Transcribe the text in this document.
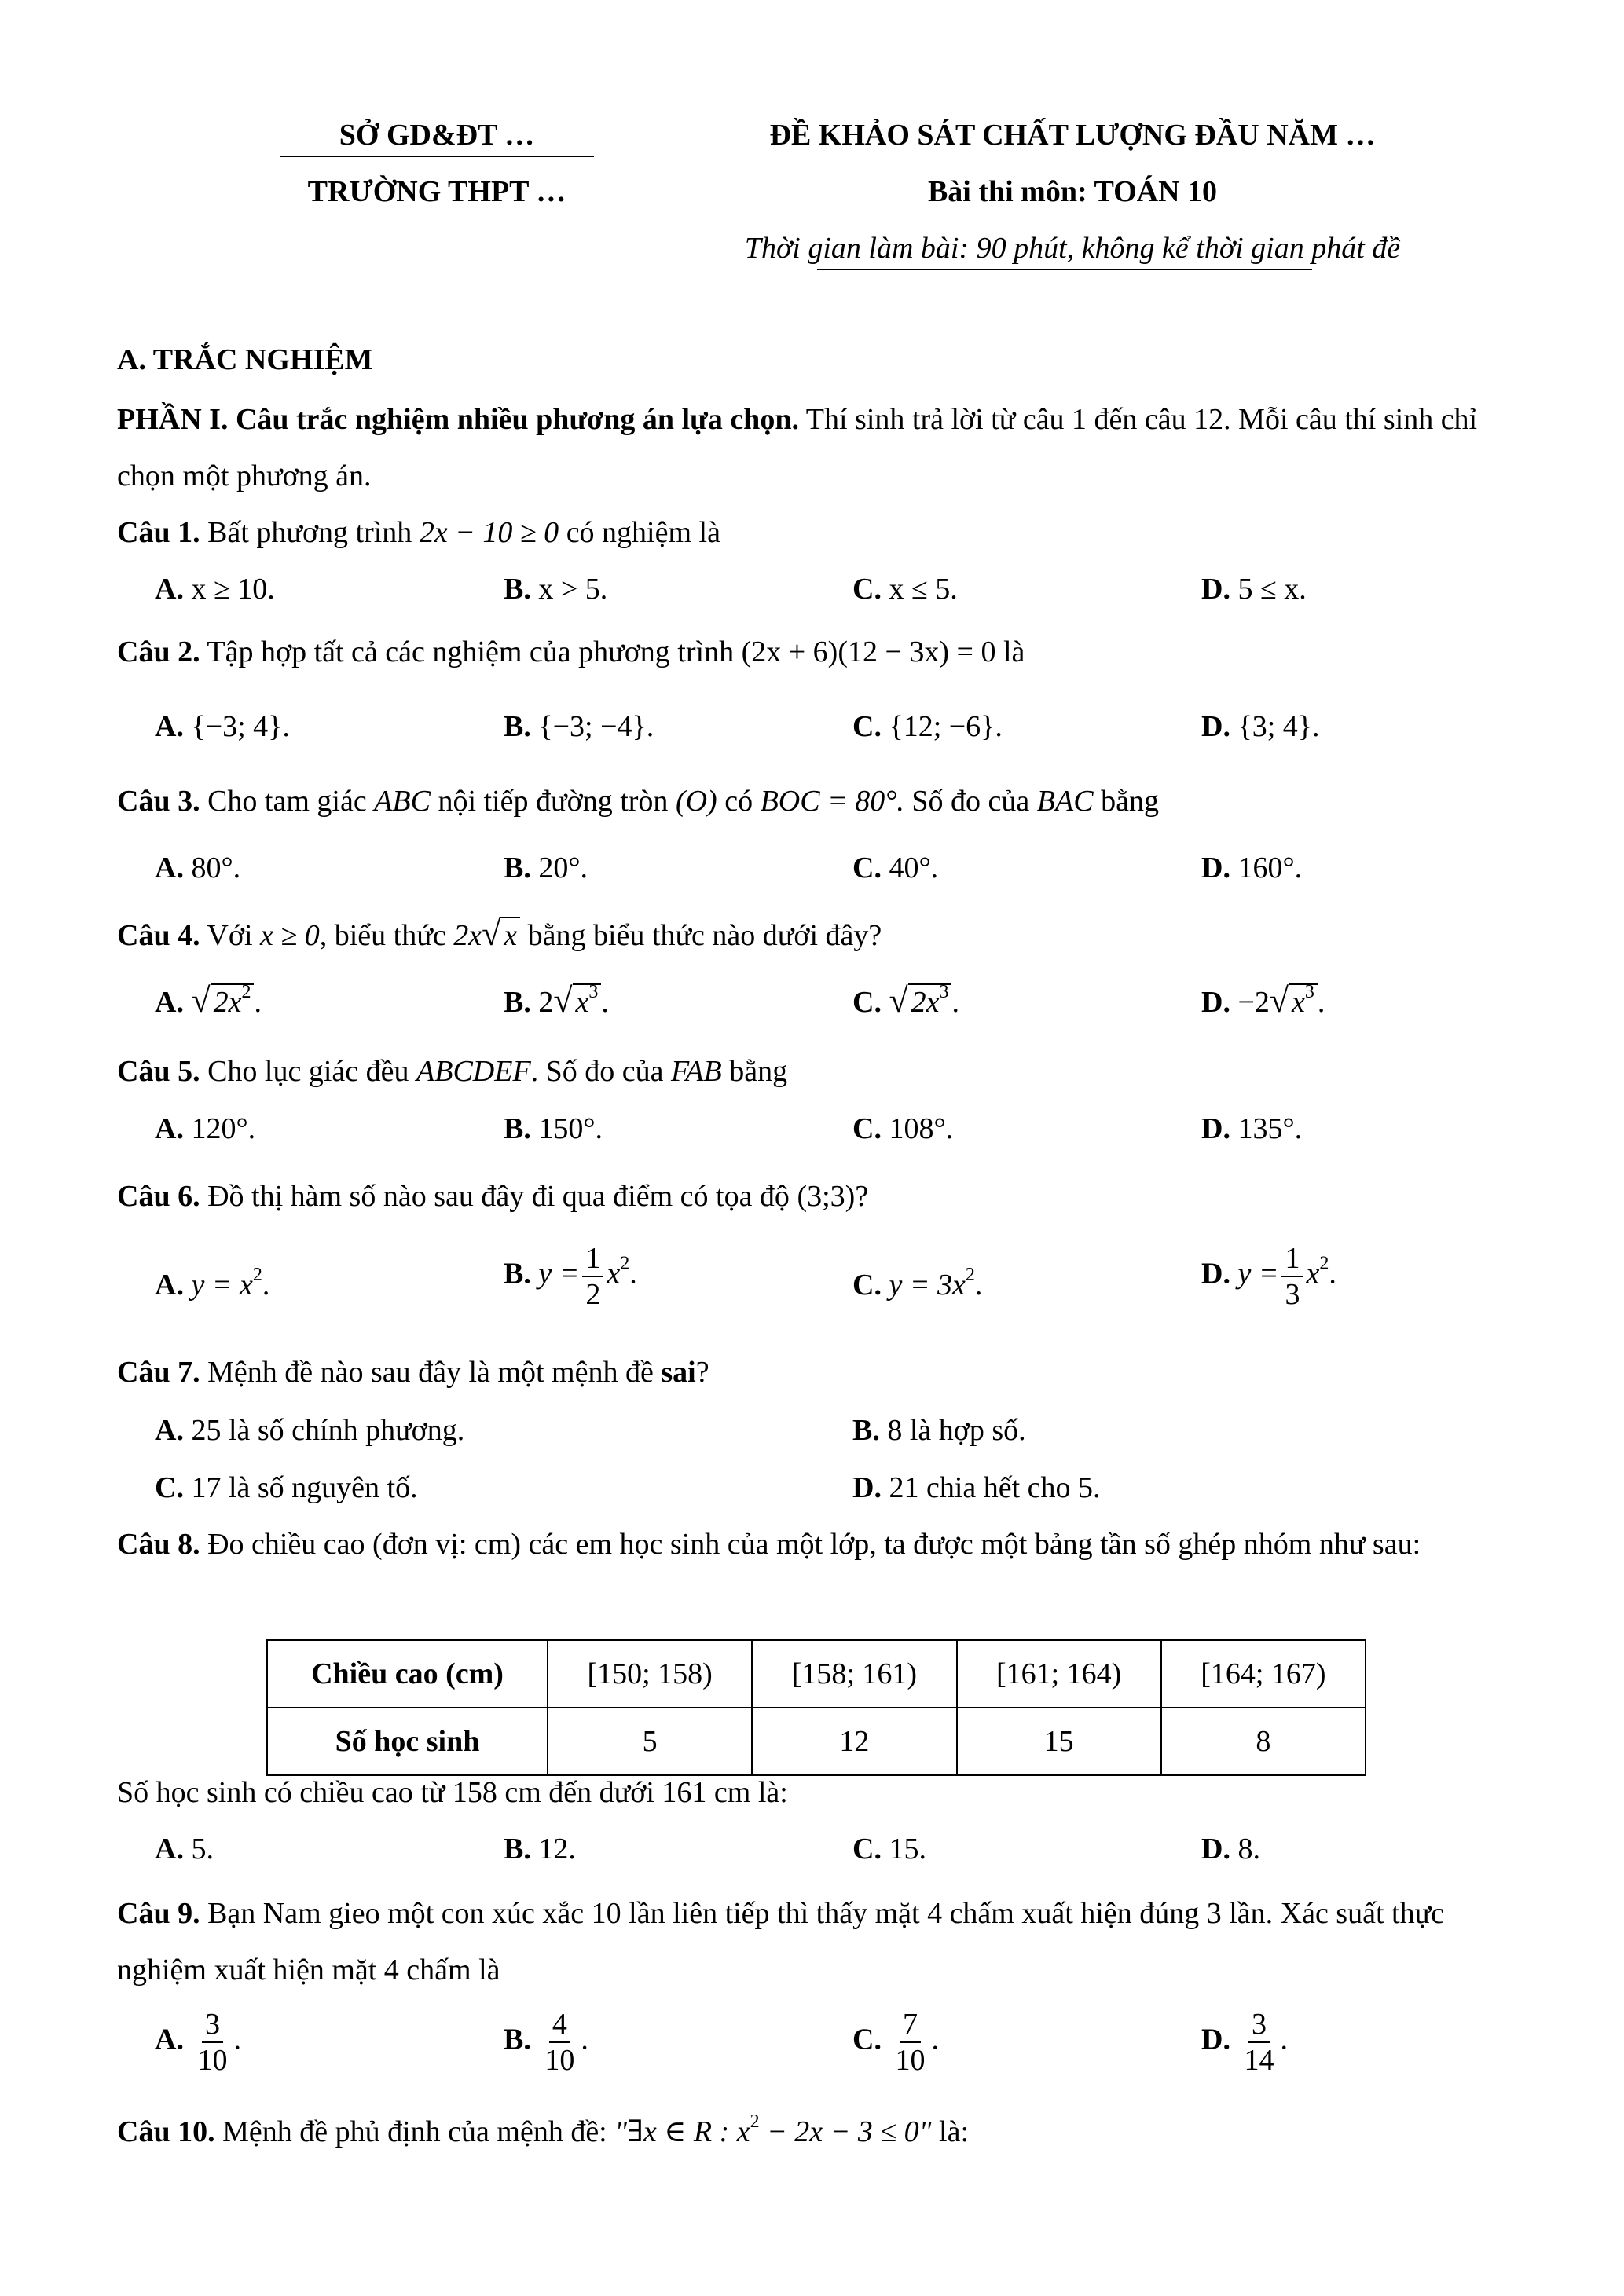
SỞ GD&ĐT …
TRƯỜNG THPT …
ĐỀ KHẢO SÁT CHẤT LƯỢNG ĐẦU NĂM …
Bài thi môn: TOÁN 10
Thời gian làm bài: 90 phút, không kể thời gian phát đề
A. TRẮC NGHIỆM
PHẦN I. Câu trắc nghiệm nhiều phương án lựa chọn. Thí sinh trả lời từ câu 1 đến câu 12. Mỗi câu thí sinh chỉ chọn một phương án.
Câu 1. Bất phương trình 2x − 10 ≥ 0 có nghiệm là
A. x ≥ 10.	B. x > 5.	C. x ≤ 5.	D. 5 ≤ x.
Câu 2. Tập hợp tất cả các nghiệm của phương trình (2x + 6)(12 − 3x) = 0 là
A. {−3; 4}.	B. {−3; −4}.	C. {12; −6}.	D. {3; 4}.
Câu 3. Cho tam giác ABC nội tiếp đường tròn (O) có BOC = 80°. Số đo của BAC bằng
A. 80°.	B. 20°.	C. 40°.	D. 160°.
Câu 4. Với x ≥ 0, biểu thức 2x √ x bằng biểu thức nào dưới đây?
A. √ $2x^2$ .	B. 2 √ $x^3$ .	C. √ $2x^3$ .	D. −2 √ $x^3$ .
Câu 5. Cho lục giác đều ABCDEF. Số đo của FAB bằng
A. 120°.	B. 150°.	C. 108°.	D. 135°.
Câu 6. Đồ thị hàm số nào sau đây đi qua điểm có tọa độ (3;3)?
A. $y = x^2$.	B. $y = \frac{1}{2} x^2$.	C. $y = 3x^2$.	D. $y = \frac{1}{3} x^2$.
Câu 7. Mệnh đề nào sau đây là một mệnh đề sai?
A. 25 là số chính phương.	B. 8 là hợp số.
C. 17 là số nguyên tố.	D. 21 chia hết cho 5.
Câu 8. Đo chiều cao (đơn vị: cm) các em học sinh của một lớp, ta được một bảng tần số ghép nhóm như sau:
Chiều cao (cm)	[150; 158)	[158; 161)	[161; 164)	[164; 167)
Số học sinh	5	12	15	8
Số học sinh có chiều cao từ 158 cm đến dưới 161 cm là:
A. 5.	B. 12.	C. 15.	D. 8.
Câu 9. Bạn Nam gieo một con xúc xắc 10 lần liên tiếp thì thấy mặt 4 chấm xuất hiện đúng 3 lần. Xác suất thực nghiệm xuất hiện mặt 4 chấm là
A. $\frac{3}{10}$ .	B. $\frac{4}{10}$ .	C. $\frac{7}{10}$ .	D. $\frac{3}{14}$ .
Câu 10. Mệnh đề phủ định của mệnh đề: "∃x ∈ R : $x^2 - 2x - 3 \le 0$" là:
